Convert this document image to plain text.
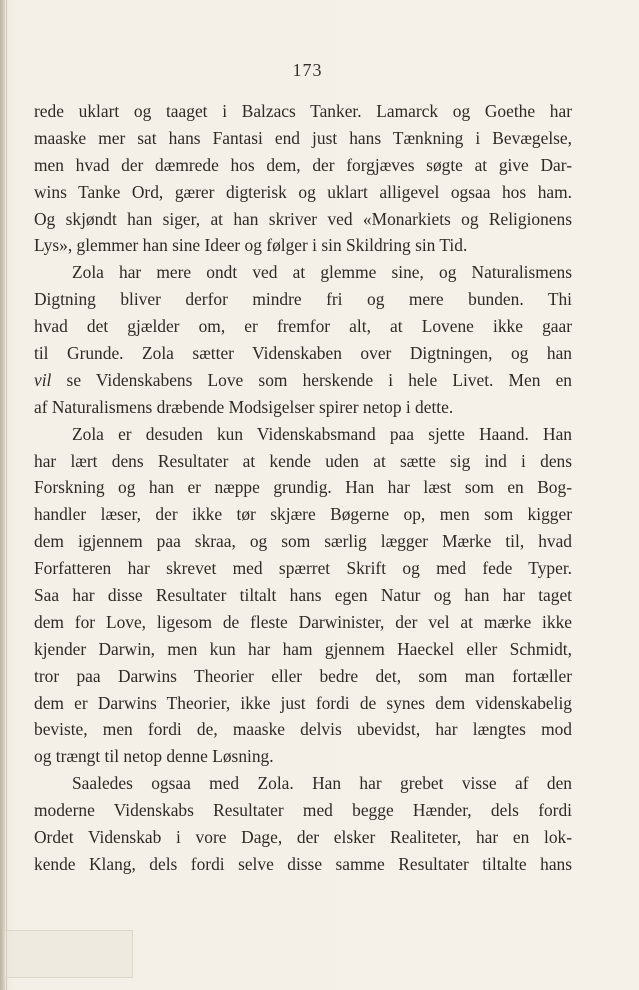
173
rede uklart og taaget i Balzacs Tanker. Lamarck og Goethe har
maaske mer sat hans Fantasi end just hans Tænkning i Bevægelse,
men hvad der dæmrede hos dem, der forgjæves søgte at give Dar-
wins Tanke Ord, gærer digterisk og uklart alligevel ogsaa hos ham.
Og skjøndt han siger, at han skriver ved «Monarkiets og Religionens
Lys», glemmer han sine Ideer og følger i sin Skildring sin Tid.
Zola har mere ondt ved at glemme sine, og Naturalismens
Digtning bliver derfor mindre fri og mere bunden. Thi
hvad det gjælder om, er fremfor alt, at Lovene ikke gaar
til Grunde. Zola sætter Videnskaben over Digtningen, og han
vil se Videnskabens Love som herskende i hele Livet. Men en
af Naturalismens dræbende Modsigelser spirer netop i dette.
Zola er desuden kun Videnskabsmand paa sjette Haand. Han
har lært dens Resultater at kende uden at sætte sig ind i dens
Forskning og han er næppe grundig. Han har læst som en Bog-
handler læser, der ikke tør skjære Bøgerne op, men som kigger
dem igjennem paa skraa, og som særlig lægger Mærke til, hvad
Forfatteren har skrevet med spærret Skrift og med fede Typer.
Saa har disse Resultater tiltalt hans egen Natur og han har taget
dem for Love, ligesom de fleste Darwinister, der vel at mærke ikke
kjender Darwin, men kun har ham gjennem Haeckel eller Schmidt,
tror paa Darwins Theorier eller bedre det, som man fortæller
dem er Darwins Theorier, ikke just fordi de synes dem videnskabelig
beviste, men fordi de, maaske delvis ubevidst, har længtes mod
og trængt til netop denne Løsning.
Saaledes ogsaa med Zola. Han har grebet visse af den
moderne Videnskabs Resultater med begge Hænder, dels fordi
Ordet Videnskab i vore Dage, der elsker Realiteter, har en lok-
kende Klang, dels fordi selve disse samme Resultater tiltalte hans
